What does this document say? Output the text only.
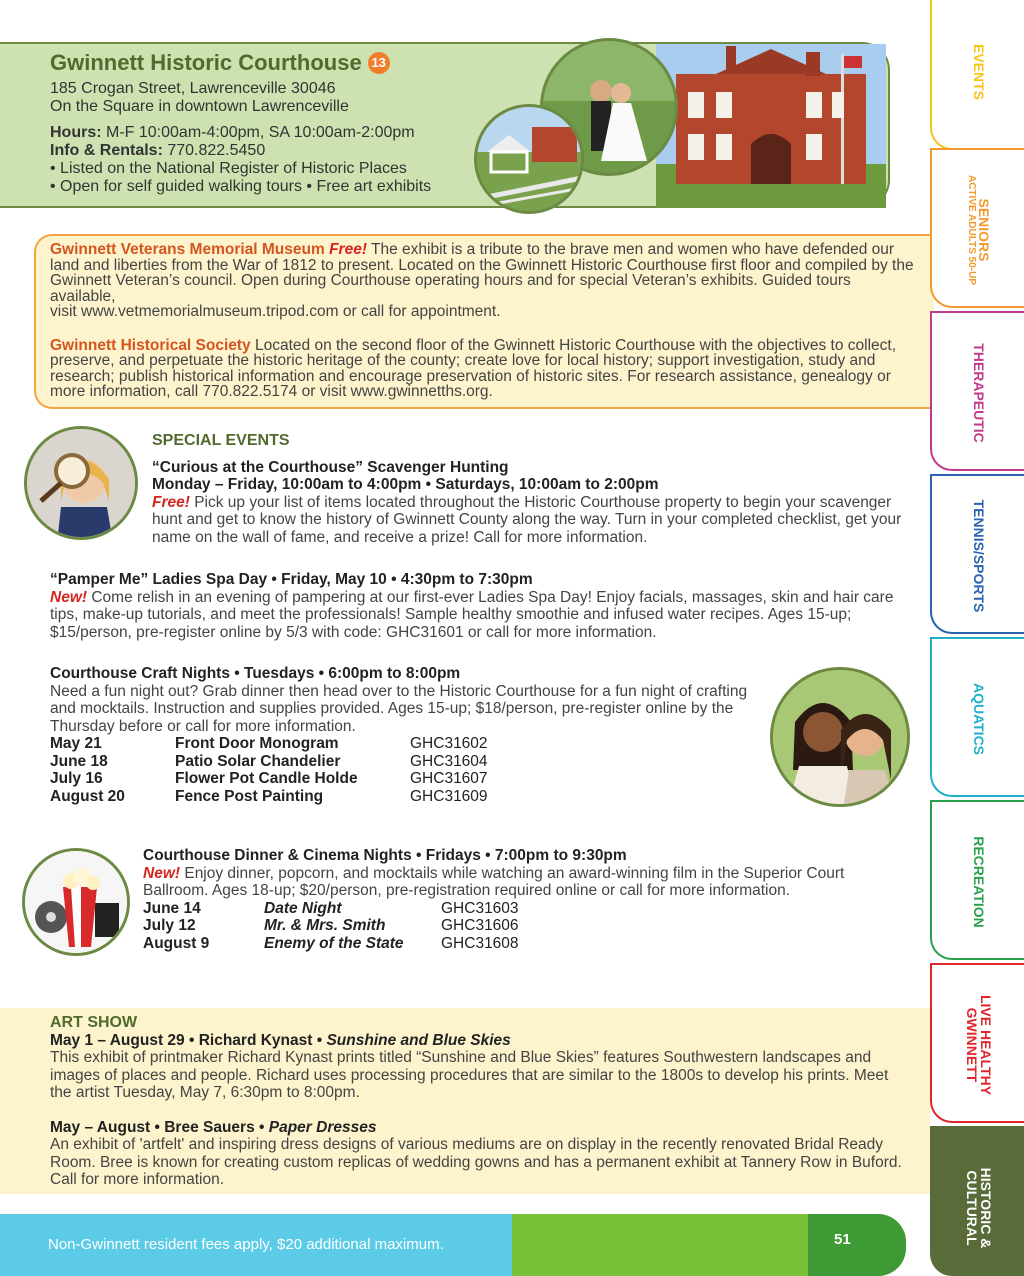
Gwinnett Historic Courthouse 13
185 Crogan Street, Lawrenceville 30046
On the Square in downtown Lawrenceville
Hours: M-F 10:00am-4:00pm, SA 10:00am-2:00pm
Info & Rentals: 770.822.5450
• Listed on the National Register of Historic Places
• Open for self guided walking tours • Free art exhibits

Gwinnett Veterans Memorial Museum Free! The exhibit is a tribute to the brave men and women who have defended our land and liberties from the War of 1812 to present. Located on the Gwinnett Historic Courthouse first floor and compiled by the Gwinnett Veteran’s council. Open during Courthouse operating hours and for special Veteran’s exhibits. Guided tours available,
visit www.vetmemorialmuseum.tripod.com or call for appointment.

Gwinnett Historical Society Located on the second floor of the Gwinnett Historic Courthouse with the objectives to collect, preserve, and perpetuate the historic heritage of the county; create love for local history; support investigation, study and research; publish historical information and encourage preservation of historic sites. For research assistance, genealogy or more information, call 770.822.5174 or visit www.gwinnetths.org.

SPECIAL EVENTS
“Curious at the Courthouse” Scavenger Hunting
Monday – Friday, 10:00am to 4:00pm • Saturdays, 10:00am to 2:00pm
Free! Pick up your list of items located throughout the Historic Courthouse property to begin your scavenger hunt and get to know the history of Gwinnett County along the way. Turn in your completed checklist, get your name on the wall of fame, and receive a prize! Call for more information.
“Pamper Me” Ladies Spa Day • Friday, May 10 • 4:30pm to 7:30pm
New! Come relish in an evening of pampering at our first-ever Ladies Spa Day! Enjoy facials, massages, skin and hair care tips, make-up tutorials, and meet the professionals! Sample healthy smoothie and infused water recipes. Ages 15-up; $15/person, pre-register online by 5/3 with code: GHC31601 or call for more information.
Courthouse Craft Nights • Tuesdays • 6:00pm to 8:00pm
Need a fun night out? Grab dinner then head over to the Historic Courthouse for a fun night of crafting and mocktails. Instruction and supplies provided. Ages 15-up; $18/person, pre-register online by the Thursday before or call for more information.
May 21	Front Door Monogram	GHC31602
June 18	Patio Solar Chandelier	GHC31604
July 16	Flower Pot Candle Holde	GHC31607
August 20	Fence Post Painting	GHC31609
Courthouse Dinner & Cinema Nights • Fridays • 7:00pm to 9:30pm
New! Enjoy dinner, popcorn, and mocktails while watching an award-winning film in the Superior Court Ballroom. Ages 18-up; $20/person, pre-registration required online or call for more information.
June 14	Date Night	GHC31603
July 12	Mr. & Mrs. Smith	GHC31606
August 9	Enemy of the State	GHC31608
ART SHOW
May 1 – August 29 • Richard Kynast • Sunshine and Blue Skies
This exhibit of printmaker Richard Kynast prints titled “Sunshine and Blue Skies” features Southwestern landscapes and images of places and people. Richard uses processing procedures that are similar to the 1800s to develop his prints. Meet the artist Tuesday, May 7, 6:30pm to 8:00pm.
May – August • Bree Sauers • Paper Dresses
An exhibit of 'artfelt' and inspiring dress designs of various mediums are on display in the recently renovated Bridal Ready Room. Bree is known for creating custom replicas of wedding gowns and has a permanent exhibit at Tannery Row in Buford. Call for more information.
EVENTS
SENIORS
ACTIVE ADULTS 50-UP
THERAPEUTIC
TENNIS/SPORTS
AQUATICS
RECREATION
LIVE HEALTHY
GWINNETT
HISTORIC &
CULTURAL
Non-Gwinnett resident fees apply, $20 additional maximum.	51
